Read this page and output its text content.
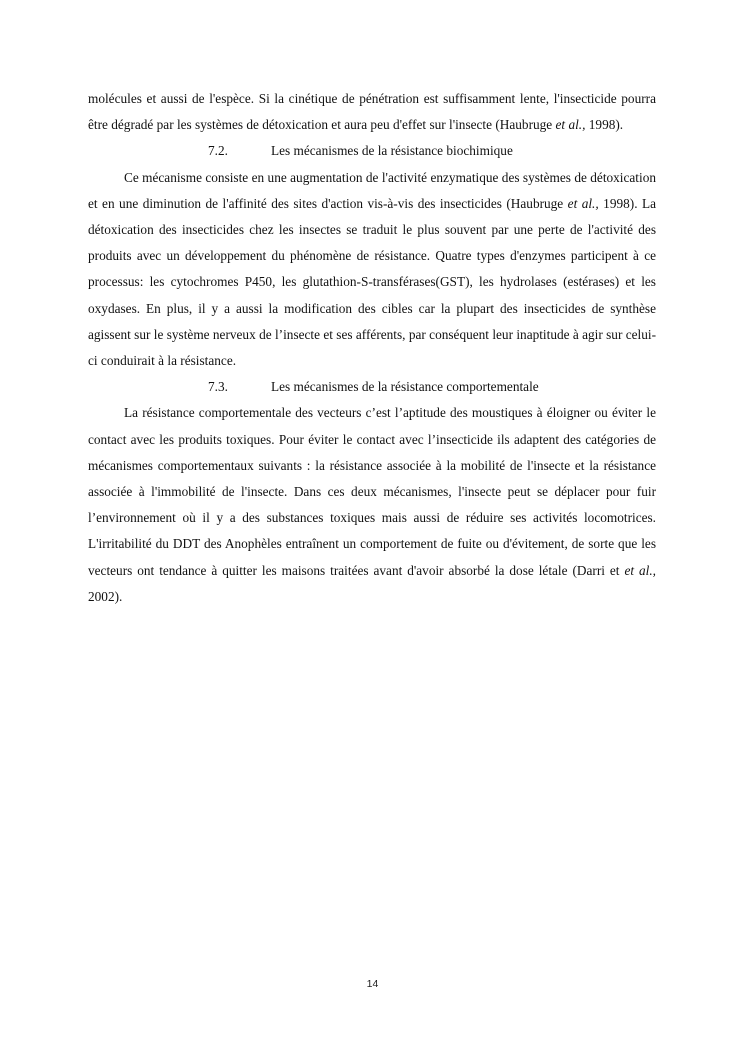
molécules et aussi de l'espèce. Si la cinétique de pénétration est suffisamment lente, l'insecticide pourra être dégradé par les systèmes de détoxication et aura peu d'effet sur l'insecte (Haubruge et al., 1998).

7.2.	Les mécanismes de la résistance biochimique

Ce mécanisme consiste en une augmentation de l'activité enzymatique des systèmes de détoxication et en une diminution de l'affinité des sites d'action vis-à-vis des insecticides (Haubruge et al., 1998). La détoxication des insecticides chez les insectes se traduit le plus souvent par une perte de l'activité des produits avec un développement du phénomène de résistance. Quatre types d'enzymes participent à ce processus: les cytochromes P450, les glutathion-S-transférases(GST), les hydrolases (estérases) et les oxydases. En plus, il y a aussi la modification des cibles car la plupart des insecticides de synthèse agissent sur le système nerveux de l’insecte et ses afférents, par conséquent leur inaptitude à agir sur celui-ci conduirait à la résistance.

7.3.	Les mécanismes de la résistance comportementale

La résistance comportementale des vecteurs c’est l’aptitude des moustiques à éloigner ou éviter le contact avec les produits toxiques. Pour éviter le contact avec l’insecticide ils adaptent des catégories de mécanismes comportementaux suivants : la résistance associée à la mobilité de l'insecte et la résistance associée à l'immobilité de l'insecte. Dans ces deux mécanismes, l'insecte peut se déplacer pour fuir l’environnement où il y a des substances toxiques mais aussi de réduire ses activités locomotrices. L'irritabilité du DDT des Anophèles entraînent un comportement de fuite ou d'évitement, de sorte que les vecteurs ont tendance à quitter les maisons traitées avant d'avoir absorbé la dose létale (Darri et et al., 2002).

14
